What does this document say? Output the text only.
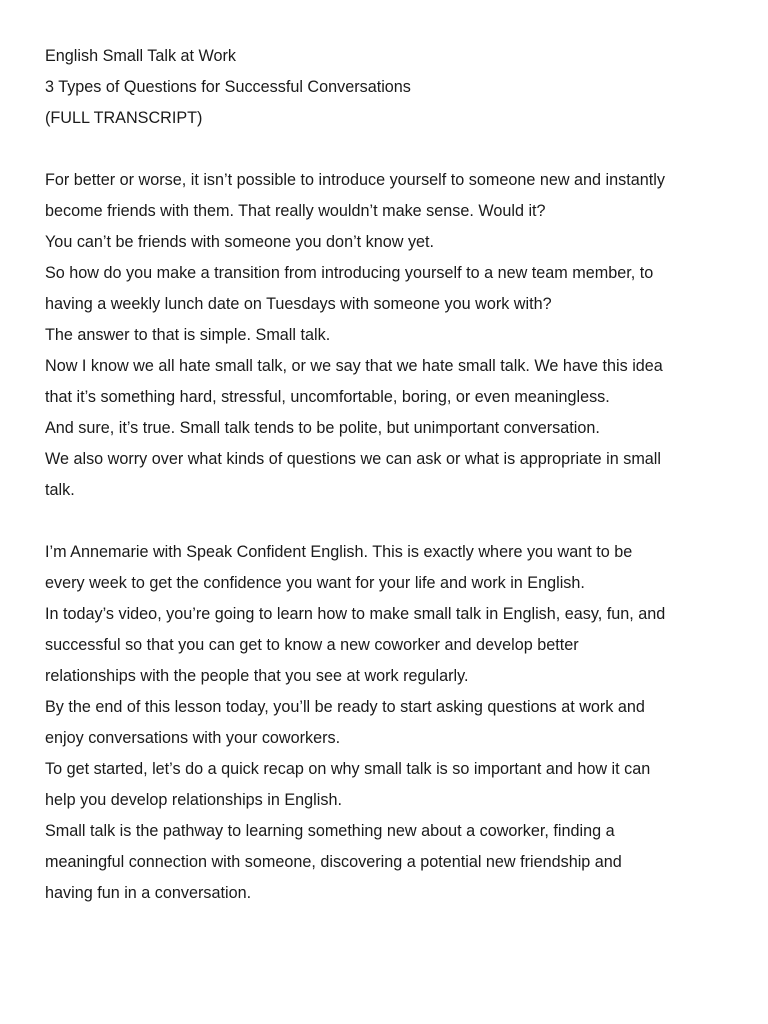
English Small Talk at Work
3 Types of Questions for Successful Conversations
(FULL TRANSCRIPT)
For better or worse, it isn’t possible to introduce yourself to someone new and instantly
become friends with them. That really wouldn’t make sense. Would it?
You can’t be friends with someone you don’t know yet.
So how do you make a transition from introducing yourself to a new team member, to
having a weekly lunch date on Tuesdays with someone you work with?
The answer to that is simple. Small talk.
Now I know we all hate small talk, or we say that we hate small talk. We have this idea
that it’s something hard, stressful, uncomfortable, boring, or even meaningless.
And sure, it’s true. Small talk tends to be polite, but unimportant conversation.
We also worry over what kinds of questions we can ask or what is appropriate in small
talk.
I’m Annemarie with Speak Confident English. This is exactly where you want to be
every week to get the confidence you want for your life and work in English.
In today’s video, you’re going to learn how to make small talk in English, easy, fun, and
successful so that you can get to know a new coworker and develop better
relationships with the people that you see at work regularly.
By the end of this lesson today, you’ll be ready to start asking questions at work and
enjoy conversations with your coworkers.
To get started, let’s do a quick recap on why small talk is so important and how it can
help you develop relationships in English.
Small talk is the pathway to learning something new about a coworker, finding a
meaningful connection with someone, discovering a potential new friendship and
having fun in a conversation.
